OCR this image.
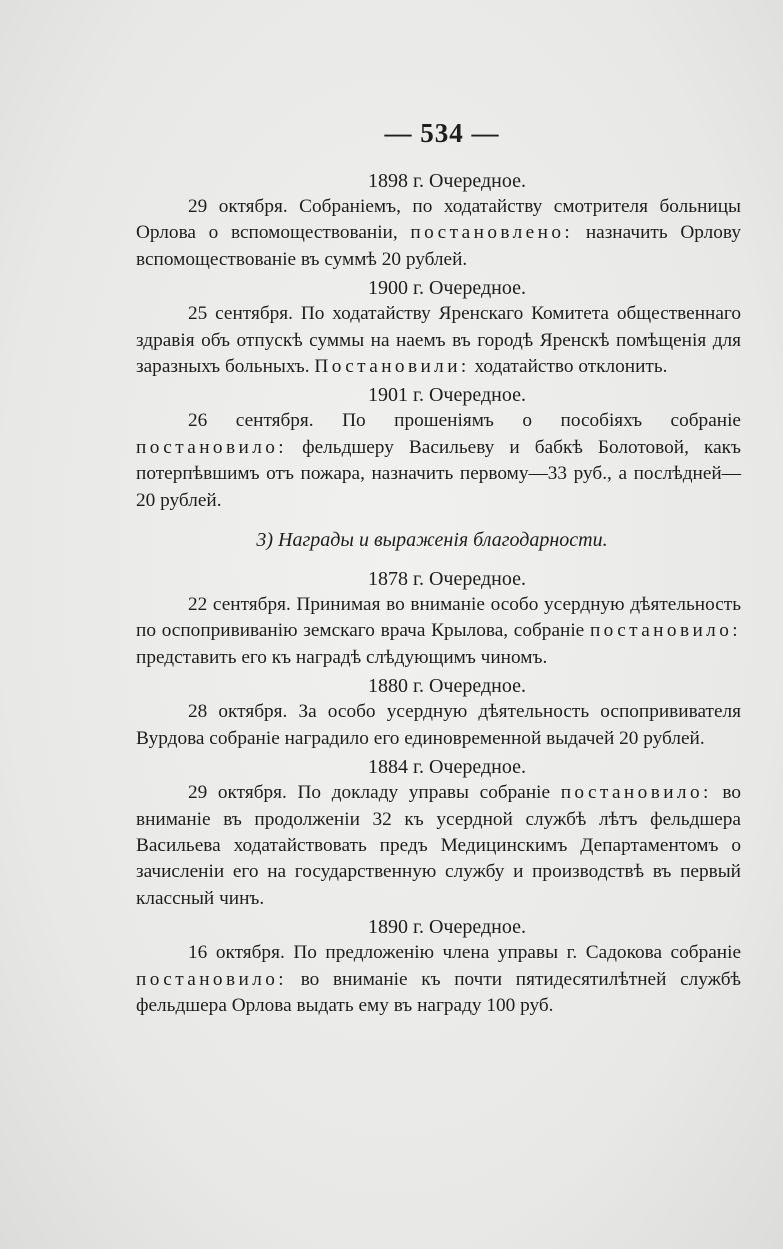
— 534 —
1898 г. Очередное.

29 октября. Собраніемъ, по ходатайству смотрителя больницы Орлова о вспомоществованіи, постановлено: назначить Орлову вспомоществованіе въ суммѣ 20 рублей.

1900 г. Очередное.

25 сентября. По ходатайству Яренскаго Комитета общественнаго здравія объ отпускѣ суммы на наемъ въ городѣ Яренскѣ помѣщенія для заразныхъ больныхъ. Постановили: ходатайство отклонить.

1901 г. Очередное.

26 сентября. По прошеніямъ о пособіяхъ собраніе постановило: фельдшеру Васильеву и бабкѣ Болотовой, какъ потерпѣвшимъ отъ пожара, назначить первому—33 руб., а послѣдней—20 рублей.

3) Награды и выраженія благодарности.
1878 г. Очередное.

22 сентября. Принимая во вниманіе особо усердную дѣятельность по оспопрививанію земскаго врача Крылова, собраніе постановило: представить его къ наградѣ слѣдующимъ чиномъ.

1880 г. Очередное.

28 октября. За особо усердную дѣятельность оспопрививателя Вурдова собраніе наградило его единовременной выдачей 20 рублей.

1884 г. Очередное.

29 октября. По докладу управы собраніе постановило: во вниманіе въ продолженіи 32 къ усердной службѣ лѣтъ фельдшера Васильева ходатайствовать предъ Медицинскимъ Департаментомъ о зачисленіи его на государственную службу и производствѣ въ первый классный чинъ.

1890 г. Очередное.

16 октября. По предложенію члена управы г. Садокова собраніе постановило: во вниманіе къ почти пятидесятилѣтней службѣ фельдшера Орлова выдать ему въ награду 100 руб.
